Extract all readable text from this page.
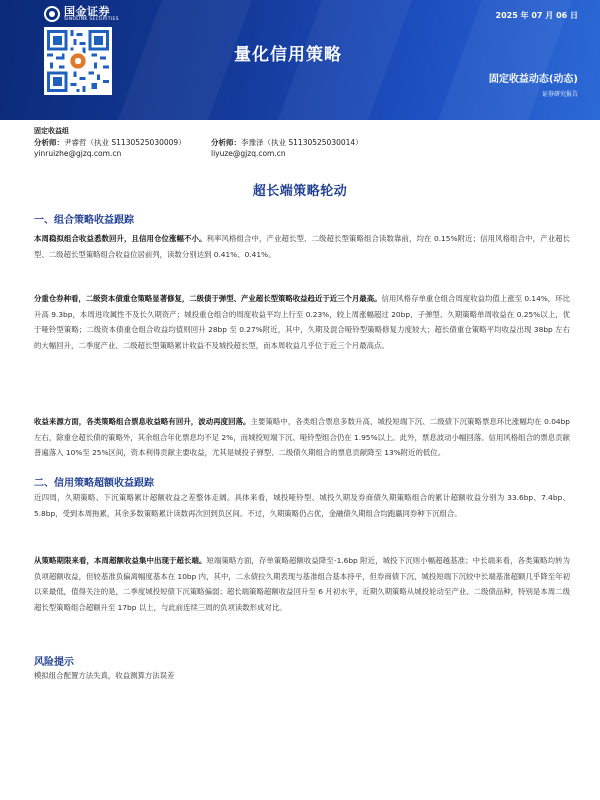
国金证券
SINOLINK SECURITIES	2025 年 07 月 06 日
量化信用策略
固定收益动态(动态)
证券研究报告
固定收益组
分析师：尹睿哲（执业 S1130525030009）	分析师：李豫泽（执业 S1130525030014）
yinruizhe@gjzq.com.cn	liyuze@gjzq.com.cn
超长端策略轮动
一、组合策略收益跟踪
本周稳拟组合收益悉数回升，且信用仓位涨幅不小。利率风格组合中，产业超长型、二级超长型策略组合读数靠前，均在 0.15%附近；信用风格组合中，产业超长型、二级超长型策略组合收益位居前列，读数分别达到 0.41%、0.41%。
分重仓券种看，二级资本债重仓策略显著修复，二级债于弹型、产业超长型策略收益趋近于近三个月最高。信用风格存单重仓组合周度收益均值上涨至 0.14%，环比升高 9.3bp，本周进攻属性不及长久期资产；城投重仓组合的周度收益平均上行至 0.23%，较上周涨幅超过 20bp，子弹型、久期策略单周收益在 0.25%以上，优于哑铃型策略；二级资本债重仓组合收益均值则回升 28bp 至 0.27%附近，其中，久期及混合哑铃型策略修复力度较大；超长债重仓策略平均收益出现 38bp 左右的大幅回升，二季度产业、二级超长型策略累计收益不及城投超长型，而本周收益几乎位于近三个月最高点。
收益来源方面，各类策略组合票息收益略有回升，波动再度回落。主要策略中，各类组合票息多数升高，城投短端下沉、二级债下沉策略票息环比涨幅均在 0.04bp 左右，除重仓超长债的策略外，其余组合年化票息均不足 2%，而城投短端下沉、哑铃型组合仍在 1.95%以上。此外，票息波动小幅回落。信用风格组合的票息贡献普遍落入 10%至 25%区间，资本利得贡献主要收益，尤其是城投子弹型、二级债久期组合的票息贡献降至 13%附近的低位。
二、信用策略超额收益跟踪
近四周，久期策略、下沉策略累计超额收益之差整体走阔。具体来看，城投哑铃型、城投久期及券商债久期策略组合的累计超额收益分别为 33.6bp、7.4bp、5.8bp，受到本周拖累，其余多数策略累计读数再次回到负区间。不过，久期策略仍占优，金融债久期组合均跑赢同券种下沉组合。
从策略期限来看，本周超额收益集中出现于超长端。短端策略方面，存单策略超额收益降至-1.6bp 附近，城投下沉则小幅超越基准；中长端来看，各类策略均转为负项超额收益，但较基准负偏离幅度基本在 10bp 内，其中，二永债拉久期表现与基准组合基本持平，但券商债下沉、城投短端下沉较中长端基准超额几乎降至年初以来最低，值得关注的是，二季度城投短债下沉策略偏弱；超长端策略超额收益回升至 6 月初水平，近期久期策略从城投轮动至产业、二级债品种，特别是本周二级超长型策略组合超额升至 17bp 以上，与此前连续三周的负项读数形成对比。
风险提示
模拟组合配置方法失真，收益测算方法误差
